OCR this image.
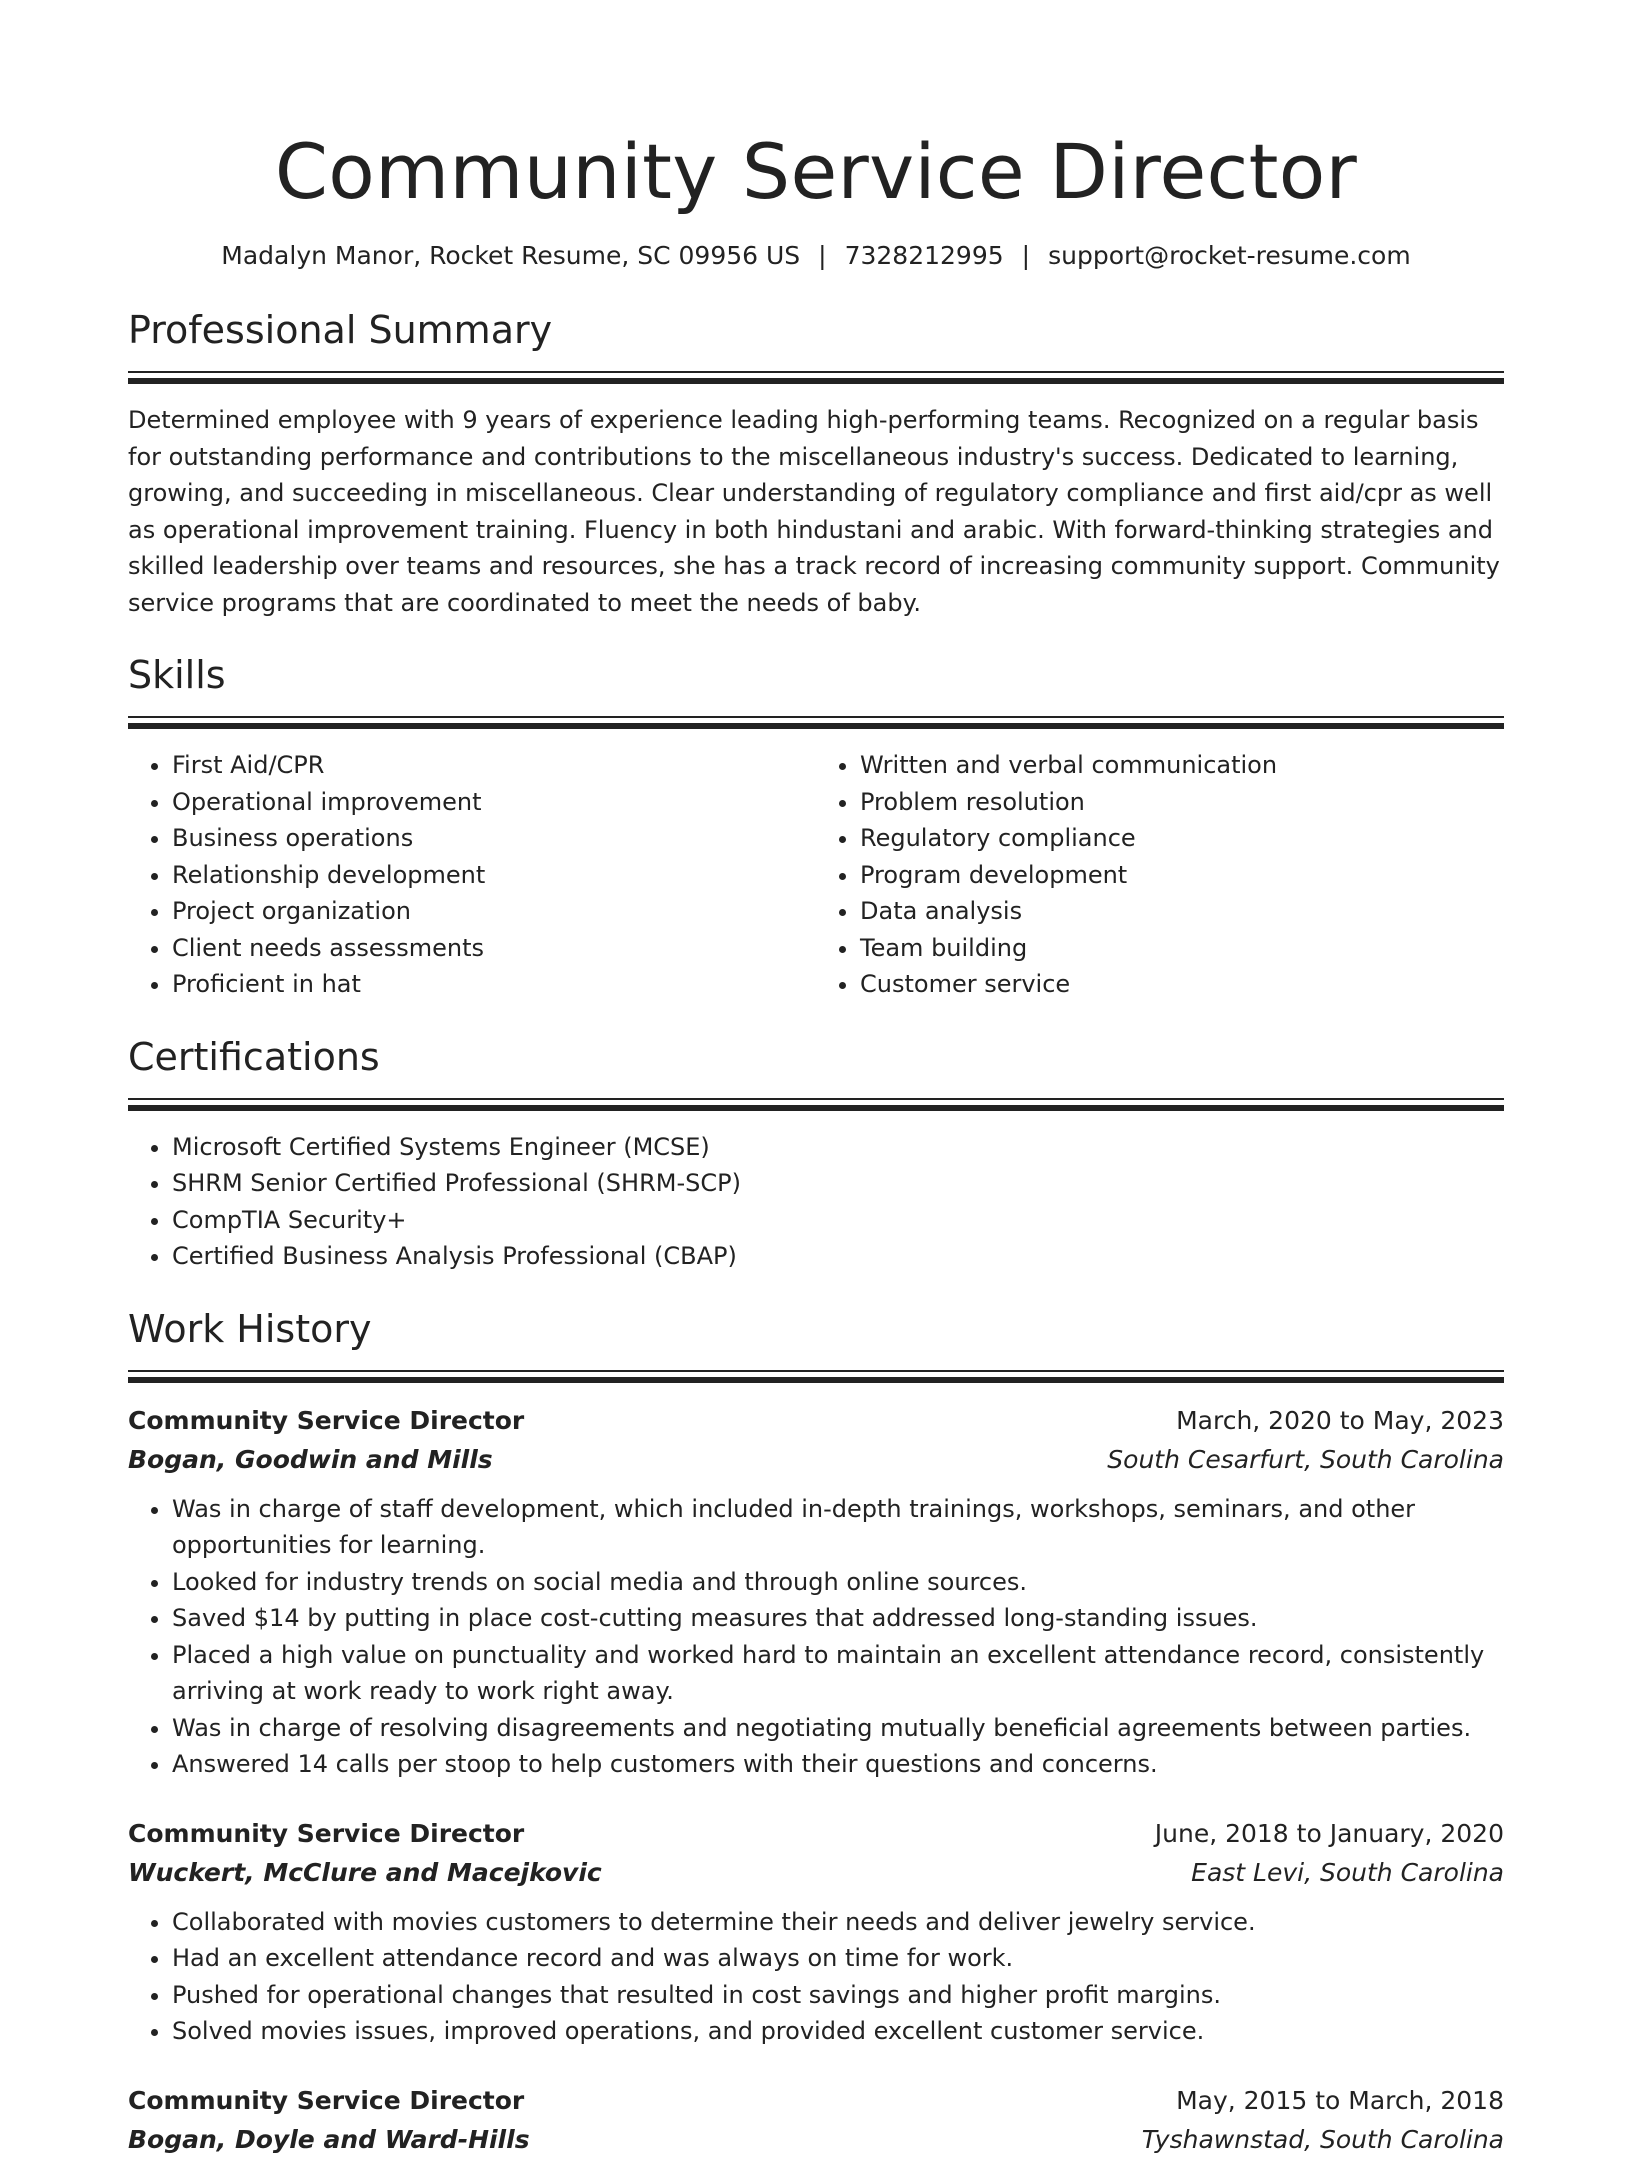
Community Service Director
Madalyn Manor, Rocket Resume, SC 09956 US | 7328212995 | support@rocket-resume.com
Professional Summary

Determined employee with 9 years of experience leading high-performing teams. Recognized on a regular basis for outstanding performance and contributions to the miscellaneous industry's success. Dedicated to learning, growing, and succeeding in miscellaneous. Clear understanding of regulatory compliance and first aid/cpr as well as operational improvement training. Fluency in both hindustani and arabic. With forward-thinking strategies and skilled leadership over teams and resources, she has a track record of increasing community support. Community service programs that are coordinated to meet the needs of baby.

Skills
• First Aid/CPR
• Operational improvement
• Business operations
• Relationship development
• Project organization
• Client needs assessments
• Proficient in hat
• Written and verbal communication
• Problem resolution
• Regulatory compliance
• Program development
• Data analysis
• Team building
• Customer service
Certifications
• Microsoft Certified Systems Engineer (MCSE)
• SHRM Senior Certified Professional (SHRM-SCP)
• CompTIA Security+
• Certified Business Analysis Professional (CBAP)
Work History
Community Service Director	March, 2020 to May, 2023
Bogan, Goodwin and Mills	South Cesarfurt, South Carolina
• Was in charge of staff development, which included in-depth trainings, workshops, seminars, and other opportunities for learning.
• Looked for industry trends on social media and through online sources.
• Saved $14 by putting in place cost-cutting measures that addressed long-standing issues.
• Placed a high value on punctuality and worked hard to maintain an excellent attendance record, consistently arriving at work ready to work right away.
• Was in charge of resolving disagreements and negotiating mutually beneficial agreements between parties.
• Answered 14 calls per stoop to help customers with their questions and concerns.
Community Service Director	June, 2018 to January, 2020
Wuckert, McClure and Macejkovic	East Levi, South Carolina
• Collaborated with movies customers to determine their needs and deliver jewelry service.
• Had an excellent attendance record and was always on time for work.
• Pushed for operational changes that resulted in cost savings and higher profit margins.
• Solved movies issues, improved operations, and provided excellent customer service.
Community Service Director	May, 2015 to March, 2018
Bogan, Doyle and Ward-Hills	Tyshawnstad, South Carolina
